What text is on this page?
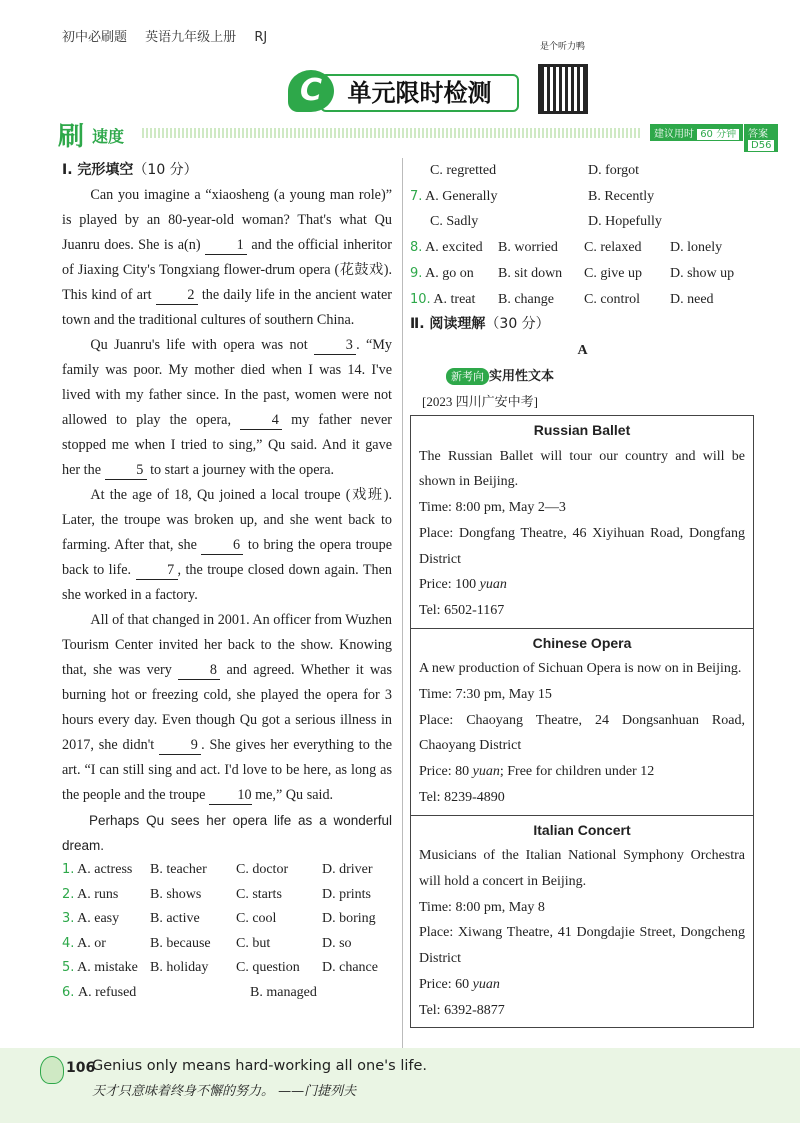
初中必刷题 英语九年级上册 RJ
单元限时检测
C
是个听力鸭
刷 速度	建议用时 60 分钟	答案 D56

Ⅰ. 完形填空（10 分）

Can you imagine a “xiaosheng (a young man role)” is played by an 80-year-old woman? That's what Qu Juanru does. She is a(n) 1 and the official inheritor of Jiaxing City's Tongxiang flower-drum opera (花鼓戏). This kind of art 2 the daily life in the ancient water town and the traditional cultures of southern China.

Qu Juanru's life with opera was not 3 . “My family was poor. My mother died when I was 14. I've lived with my father since. In the past, women were not allowed to play the opera, 4 my father never stopped me when I tried to sing,” Qu said. And it gave her the 5 to start a journey with the opera.

At the age of 18, Qu joined a local troupe (戏班). Later, the troupe was broken up, and she went back to farming. After that, she 6 to bring the opera troupe back to life. 7 , the troupe closed down again. Then she worked in a factory.

All of that changed in 2001. An officer from Wuzhen Tourism Center invited her back to the show. Knowing that, she was very 8 and agreed. Whether it was burning hot or freezing cold, she played the opera for 3 hours every day. Even though Qu got a serious illness in 2017, she didn't 9 . She gives her everything to the art. “I can still sing and act. I'd love to be here, as long as the people and the troupe 10 me,” Qu said.

Perhaps Qu sees her opera life as a wonderful dream.

1. A. actress	B. teacher	C. doctor	D. driver
2. A. runs	B. shows	C. starts	D. prints
3. A. easy	B. active	C. cool	D. boring
4. A. or	B. because	C. but	D. so
5. A. mistake B. holiday	C. question	D. chance
6. A. refused	B. managed
C. regretted	D. forgot
7. A. Generally	B. Recently
C. Sadly	D. Hopefully
8. A. excited	B. worried	C. relaxed	D. lonely
9. A. go on	B. sit down	C. give up	D. show up
10. A. treat	B. change	C. control	D. need
Ⅱ. 阅读理解（30 分）
A
新考向 实用性文本
[2023 四川广安中考]
Russian Ballet

The Russian Ballet will tour our country and will be shown in Beijing.

Time: 8:00 pm, May 2—3

Place: Dongfang Theatre, 46 Xiyihuan Road, Dongfang District

Price: 100 yuan

Tel: 6502-1167

Chinese Opera

A new production of Sichuan Opera is now on in Beijing.

Time: 7:30 pm, May 15

Place: Chaoyang Theatre, 24 Dongsanhuan Road, Chaoyang District

Price: 80 yuan; Free for children under 12

Tel: 8239-4890

Italian Concert

Musicians of the Italian National Symphony Orchestra will hold a concert in Beijing.

Time: 8:00 pm, May 8

Place: Xiwang Theatre, 41 Dongdajie Street, Dongcheng District

Price: 60 yuan

Tel: 6392-8877

106
Genius only means hard-working all one's life.
天才只意味着终身不懈的努力。 ——门捷列夫
